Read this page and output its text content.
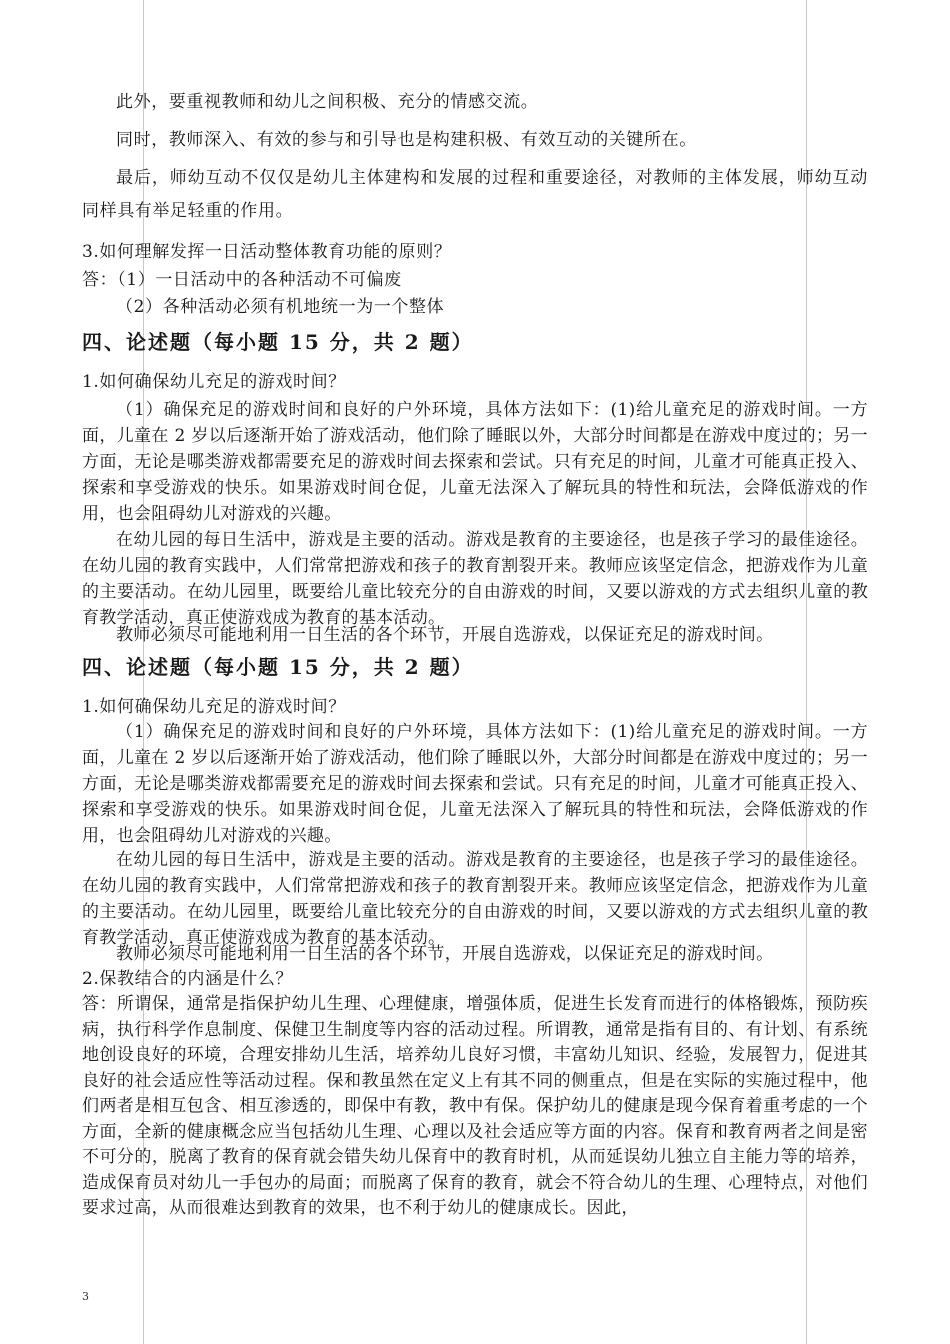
此外，要重视教师和幼儿之间积极、充分的情感交流。

同时，教师深入、有效的参与和引导也是构建积极、有效互动的关键所在。

最后，师幼互动不仅仅是幼儿主体建构和发展的过程和重要途径，对教师的主体发展，师幼互动同样具有举足轻重的作用。

3.如何理解发挥一日活动整体教育功能的原则？

答：（1）一日活动中的各种活动不可偏废

（2）各种活动必须有机地统一为一个整体

四、论述题（每小题 15 分，共 2 题）

1.如何确保幼儿充足的游戏时间？

（1）确保充足的游戏时间和良好的户外环境，具体方法如下：(1)给儿童充足的游戏时间。一方面，儿童在 2 岁以后逐渐开始了游戏活动，他们除了睡眠以外，大部分时间都是在游戏中度过的；另一方面，无论是哪类游戏都需要充足的游戏时间去探索和尝试。只有充足的时间，儿童才可能真正投入、探索和享受游戏的快乐。如果游戏时间仓促，儿童无法深入了解玩具的特性和玩法，会降低游戏的作用，也会阻碍幼儿对游戏的兴趣。

在幼儿园的每日生活中，游戏是主要的活动。游戏是教育的主要途径，也是孩子学习的最佳途径。在幼儿园的教育实践中，人们常常把游戏和孩子的教育割裂开来。教师应该坚定信念，把游戏作为儿童的主要活动。在幼儿园里，既要给儿童比较充分的自由游戏的时间，又要以游戏的方式去组织儿童的教育教学活动，真正使游戏成为教育的基本活动。

教师必须尽可能地利用一日生活的各个环节，开展自选游戏，以保证充足的游戏时间。

四、论述题（每小题 15 分，共 2 题）

1.如何确保幼儿充足的游戏时间？

（1）确保充足的游戏时间和良好的户外环境，具体方法如下：(1)给儿童充足的游戏时间。一方面，儿童在 2 岁以后逐渐开始了游戏活动，他们除了睡眠以外，大部分时间都是在游戏中度过的；另一方面，无论是哪类游戏都需要充足的游戏时间去探索和尝试。只有充足的时间，儿童才可能真正投入、探索和享受游戏的快乐。如果游戏时间仓促，儿童无法深入了解玩具的特性和玩法，会降低游戏的作用，也会阻碍幼儿对游戏的兴趣。

在幼儿园的每日生活中，游戏是主要的活动。游戏是教育的主要途径，也是孩子学习的最佳途径。在幼儿园的教育实践中，人们常常把游戏和孩子的教育割裂开来。教师应该坚定信念，把游戏作为儿童的主要活动。在幼儿园里，既要给儿童比较充分的自由游戏的时间，又要以游戏的方式去组织儿童的教育教学活动，真正使游戏成为教育的基本活动。

教师必须尽可能地利用一日生活的各个环节，开展自选游戏，以保证充足的游戏时间。

2.保教结合的内涵是什么？

答：所谓保，通常是指保护幼儿生理、心理健康，增强体质，促进生长发育而进行的体格锻炼，预防疾病，执行科学作息制度、保健卫生制度等内容的活动过程。所谓教，通常是指有目的、有计划、有系统地创设良好的环境，合理安排幼儿生活，培养幼儿良好习惯，丰富幼儿知识、经验，发展智力，促进其良好的社会适应性等活动过程。保和教虽然在定义上有其不同的侧重点，但是在实际的实施过程中，他们两者是相互包含、相互渗透的，即保中有教，教中有保。保护幼儿的健康是现今保育着重考虑的一个方面，全新的健康概念应当包括幼儿生理、心理以及社会适应等方面的内容。保育和教育两者之间是密不可分的，脱离了教育的保育就会错失幼儿保育中的教育时机，从而延误幼儿独立自主能力等的培养，造成保育员对幼儿一手包办的局面；而脱离了保育的教育，就会不符合幼儿的生理、心理特点，对他们要求过高，从而很难达到教育的效果，也不利于幼儿的健康成长。因此，

3
